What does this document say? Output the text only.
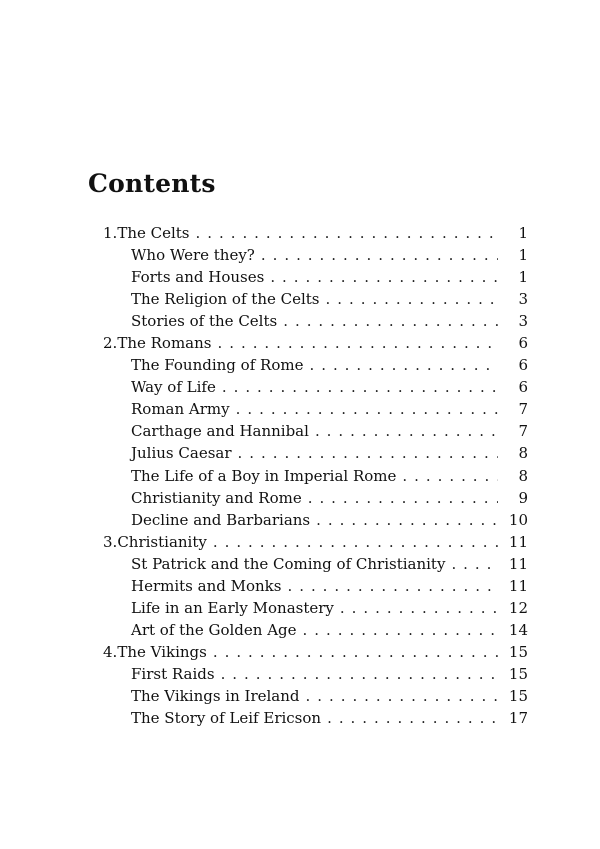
Contents
1. The Celts . . .	1
Who Were they? . . .	1
Forts and Houses . . .	1
The Religion of the Celts . . .	3
Stories of the Celts . . .	3
2. The Romans . . .	6
The Founding of Rome . . .	6
Way of Life . . .	6
Roman Army . . .	7
Carthage and Hannibal . . .	7
Julius Caesar . . .	8
The Life of a Boy in Imperial Rome . . .	8
Christianity and Rome . . .	9
Decline and Barbarians . . .	10
3. Christianity . . .	11
St Patrick and the Coming of Christianity . . .	11
Hermits and Monks . . .	11
Life in an Early Monastery . . .	12
Art of the Golden Age . . .	14
4. The Vikings . . .	15
First Raids . . .	15
The Vikings in Ireland . . .	15
The Story of Leif Ericson . . .	17
